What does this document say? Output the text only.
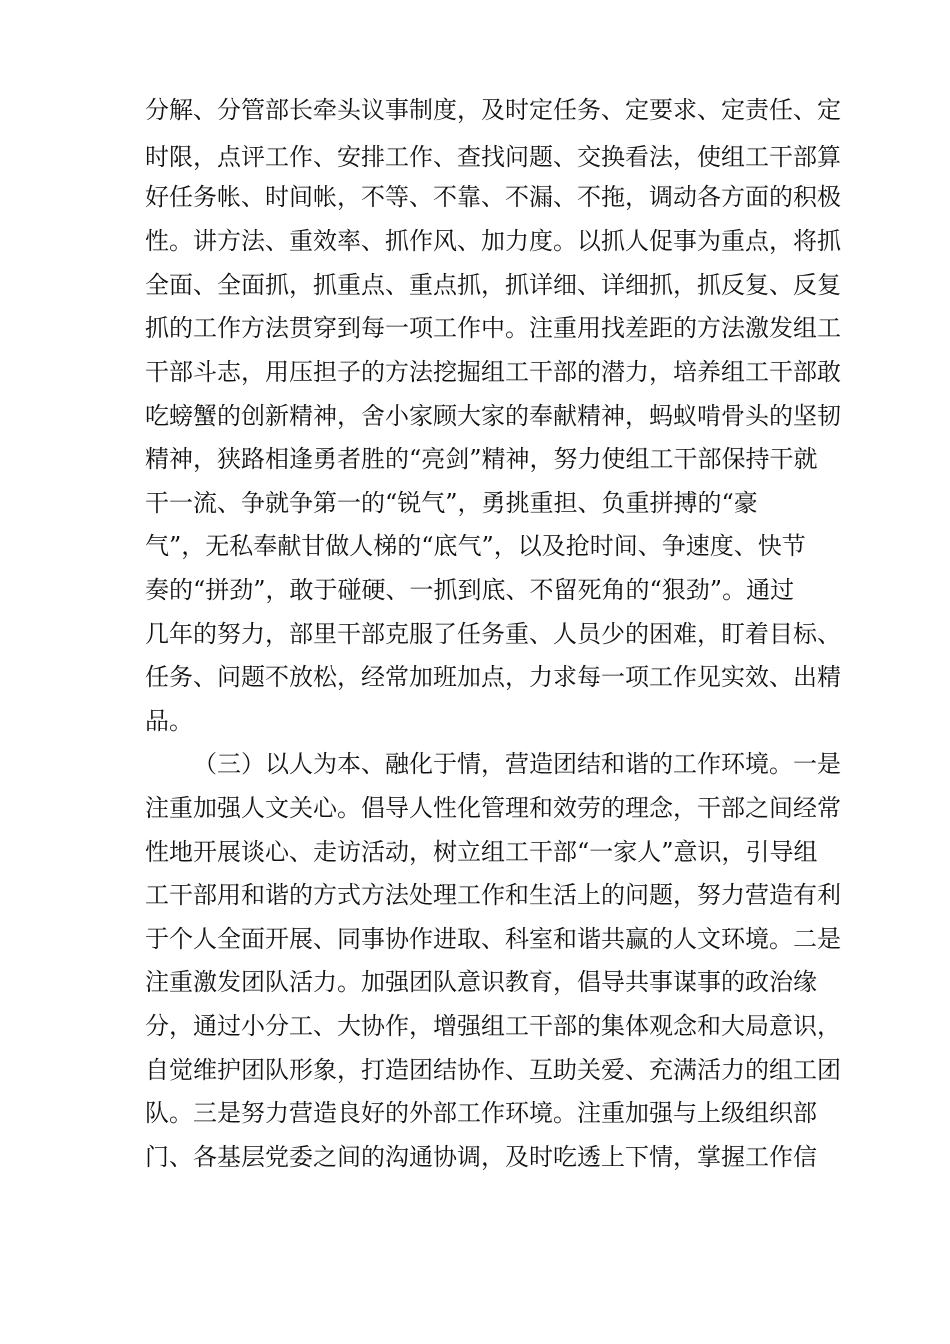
分解、分管部长牵头议事制度，及时定任务、定要求、定责任、定
时限，点评工作、安排工作、查找问题、交换看法，使组工干部算
好任务帐、时间帐，不等、不靠、不漏、不拖，调动各方面的积极
性。讲方法、重效率、抓作风、加力度。以抓人促事为重点，将抓
全面、全面抓，抓重点、重点抓，抓详细、详细抓，抓反复、反复
抓的工作方法贯穿到每一项工作中。注重用找差距的方法激发组工
干部斗志，用压担子的方法挖掘组工干部的潜力，培养组工干部敢
吃螃蟹的创新精神，舍小家顾大家的奉献精神，蚂蚁啃骨头的坚韧
精神，狭路相逢勇者胜的“亮剑”精神，努力使组工干部保持干就
干一流、争就争第一的“锐气”，勇挑重担、负重拼搏的“豪
气”，无私奉献甘做人梯的“底气”，以及抢时间、争速度、快节
奏的“拼劲”，敢于碰硬、一抓到底、不留死角的“狠劲”。通过
几年的努力，部里干部克服了任务重、人员少的困难，盯着目标、
任务、问题不放松，经常加班加点，力求每一项工作见实效、出精
品。
（三）以人为本、融化于情，营造团结和谐的工作环境。一是
注重加强人文关心。倡导人性化管理和效劳的理念，干部之间经常
性地开展谈心、走访活动，树立组工干部“一家人”意识，引导组
工干部用和谐的方式方法处理工作和生活上的问题，努力营造有利
于个人全面开展、同事协作进取、科室和谐共赢的人文环境。二是
注重激发团队活力。加强团队意识教育，倡导共事谋事的政治缘
分，通过小分工、大协作，增强组工干部的集体观念和大局意识，
自觉维护团队形象，打造团结协作、互助关爱、充满活力的组工团
队。三是努力营造良好的外部工作环境。注重加强与上级组织部
门、各基层党委之间的沟通协调，及时吃透上下情，掌握工作信
